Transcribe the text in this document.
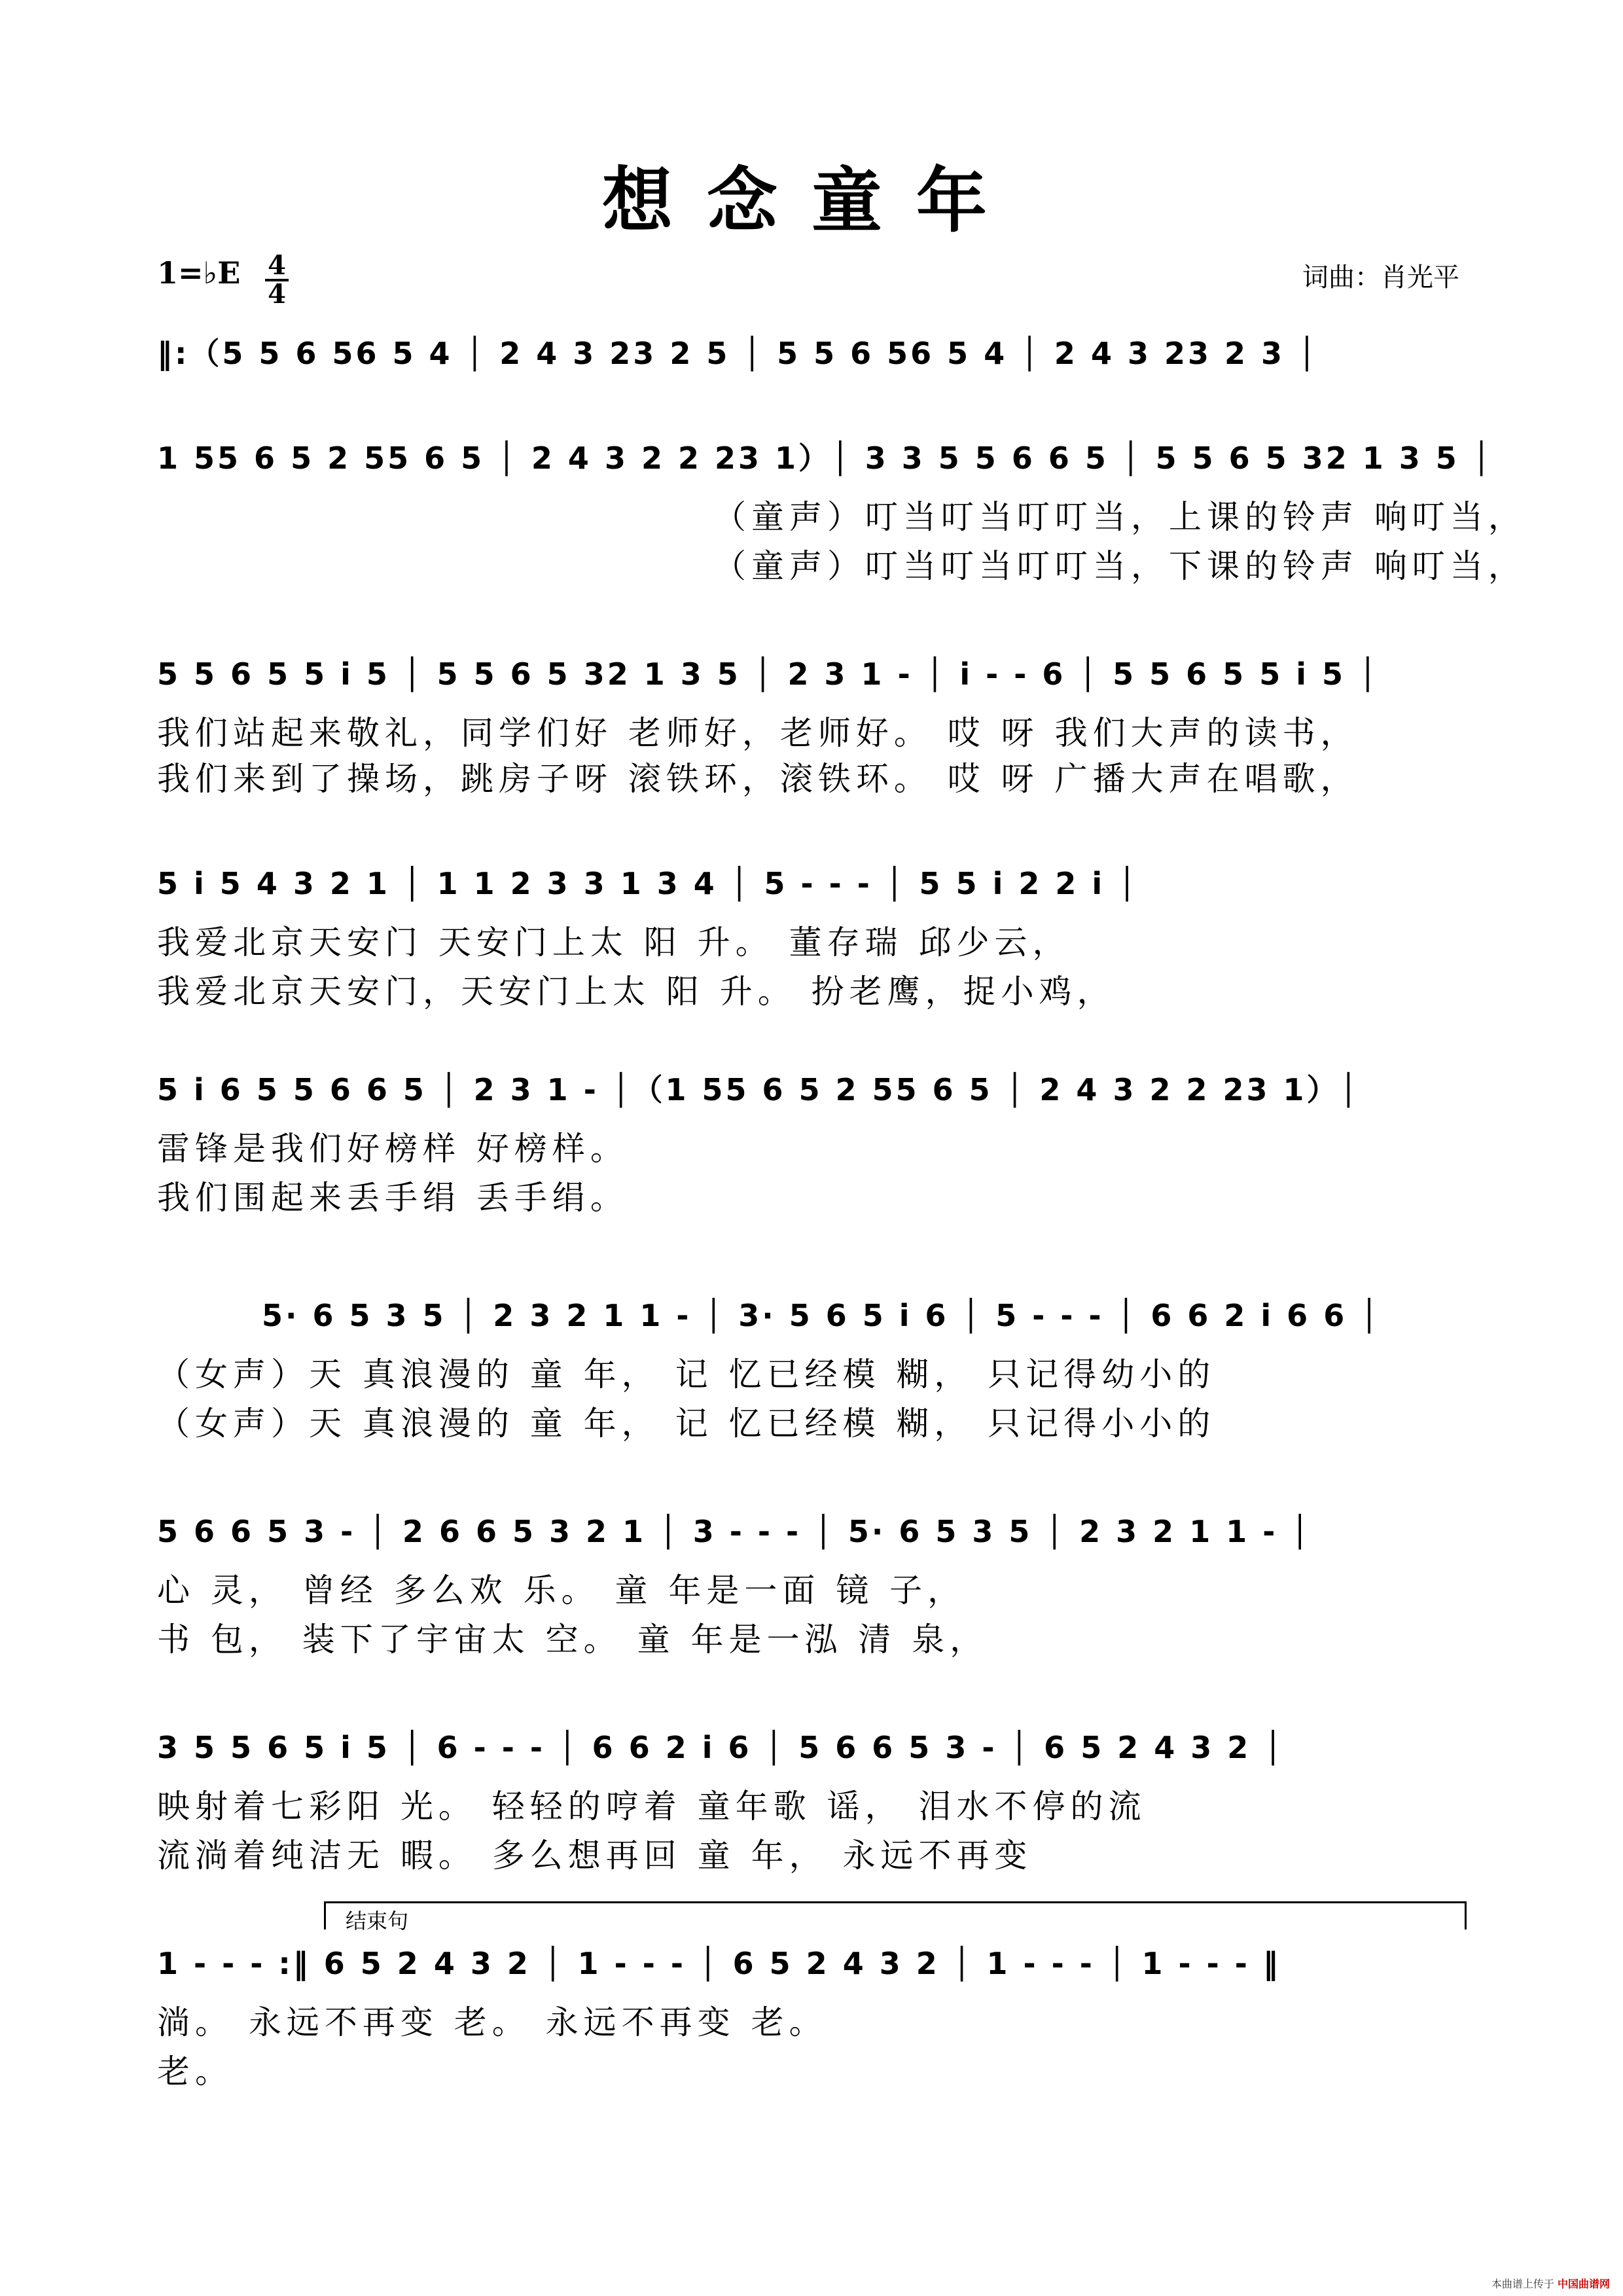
想念童年
1=♭E $\frac{4}{4}$	词曲：肖光平
‖:（5 5 6 56 5 4 │ 2 4 3 23 2 5 │ 5 5 6 56 5 4 │ 2 4 3 23 2 3 │
1 55 6 5 2 55 6 5 │ 2 4 3 2 2 23 1）│ 3 3 5 5 6 6 5 │ 5 5 6 5 32 1 3 5 │
（童声）叮当叮当叮叮当，上课的铃声 响叮当，
（童声）叮当叮当叮叮当，下课的铃声 响叮当，
5 5 6 5 5 i 5 │ 5 5 6 5 32 1 3 5 │ 2 3 1 - │ i - - 6 │ 5 5 6 5 5 i 5 │
我们站起来敬礼，同学们好 老师好，老师好。 哎 呀 我们大声的读书，
我们来到了操场，跳房子呀 滚铁环，滚铁环。 哎 呀 广播大声在唱歌，
5 i 5 4 3 2 1 │ 1 1 2 3 3 1 3 4 │ 5 - - - │ 5 5 i 2 2 i │
我爱北京天安门 天安门上太 阳 升。 董存瑞 邱少云，
我爱北京天安门，天安门上太 阳 升。 扮老鹰，捉小鸡，
5 i 6 5 5 6 6 5 │ 2 3 1 - │（1 55 6 5 2 55 6 5 │ 2 4 3 2 2 23 1）│
雷锋是我们好榜样 好榜样。
我们围起来丢手绢 丢手绢。
5· 6 5 3 5 │ 2 3 2 1 1 - │ 3· 5 6 5 i 6 │ 5 - - - │ 6 6 2 i 6 6 │
（女声）天 真浪漫的 童 年， 记 忆已经模 糊， 只记得幼小的
（女声）天 真浪漫的 童 年， 记 忆已经模 糊， 只记得小小的
5 6 6 5 3 - │ 2 6 6 5 3 2 1 │ 3 - - - │ 5· 6 5 3 5 │ 2 3 2 1 1 - │
心 灵， 曾经 多么欢 乐。 童 年是一面 镜 子，
书 包， 装下了宇宙太 空。 童 年是一泓 清 泉，
3 5 5 6 5 i 5 │ 6 - - - │ 6 6 2 i 6 │ 5 6 6 5 3 - │ 6 5 2 4 3 2 │
映射着七彩阳 光。 轻轻的哼着 童年歌 谣， 泪水不停的流
流淌着纯洁无 暇。 多么想再回 童 年， 永远不再变
结束句
1 - - - :‖ 6 5 2 4 3 2 │ 1 - - - │ 6 5 2 4 3 2 │ 1 - - - │ 1 - - - ‖
淌。 永远不再变 老。 永远不再变 老。
老。
本曲谱上传于 中国曲谱网
